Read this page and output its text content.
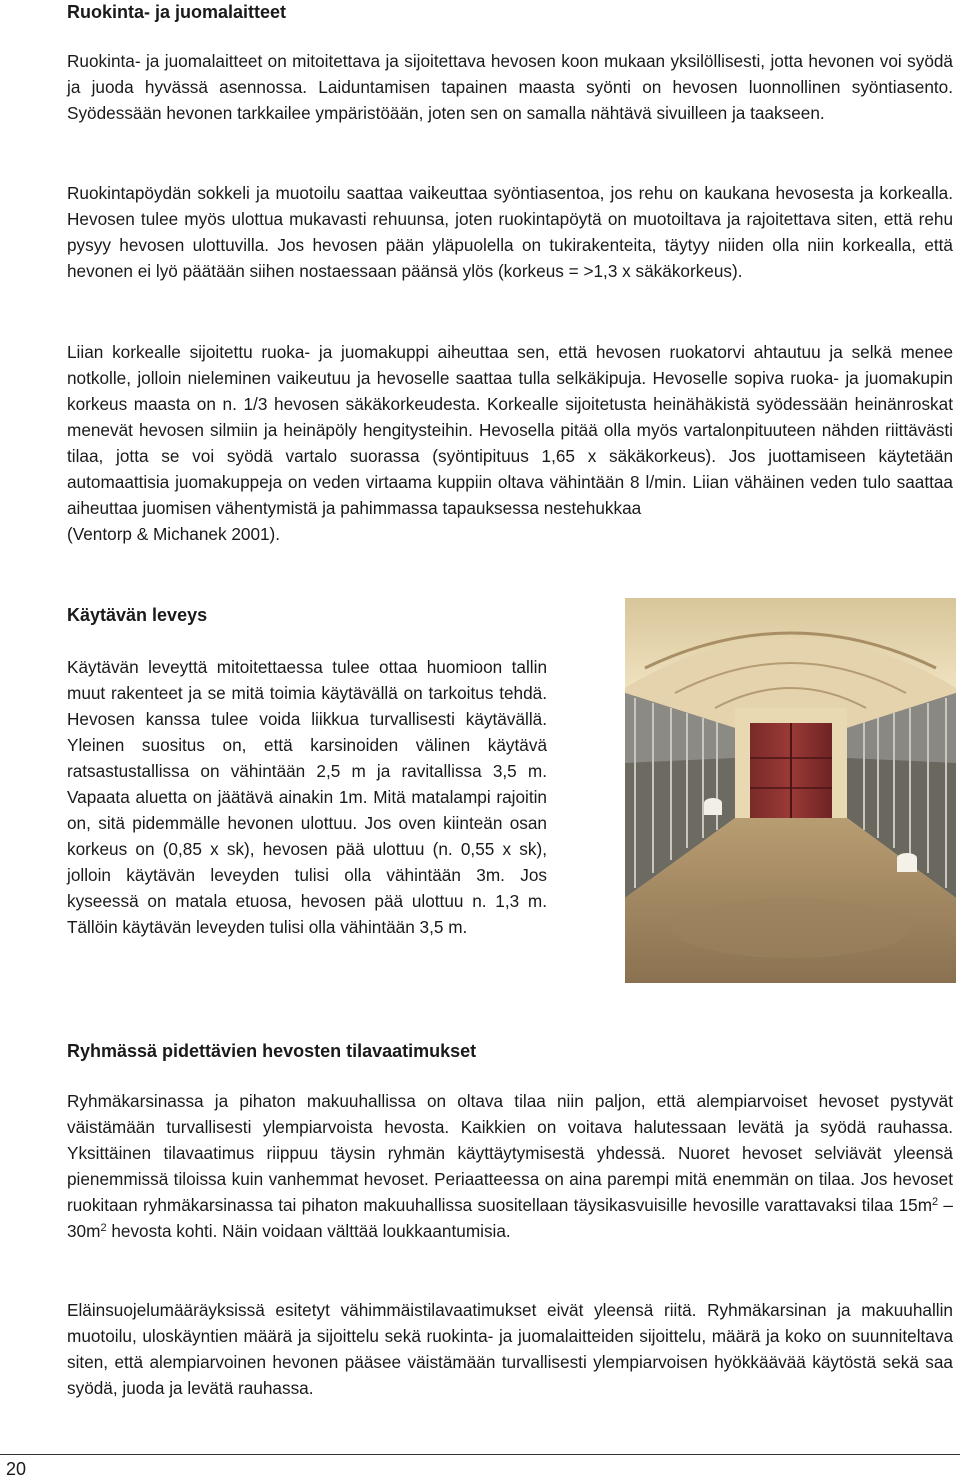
Ruokinta- ja juomalaitteet

Ruokinta- ja juomalaitteet on mitoitettava ja sijoitettava hevosen koon mukaan yksilöllisesti, jotta hevonen voi syödä ja juoda hyvässä asennossa. Laiduntamisen tapainen maasta syönti on hevosen luonnollinen syöntiasento. Syödessään hevonen tarkkailee ympäristöään, joten sen on samalla nähtävä sivuilleen ja taakseen.

Ruokintapöydän sokkeli ja muotoilu saattaa vaikeuttaa syöntiasentoa, jos rehu on kaukana hevosesta ja korkealla. Hevosen tulee myös ulottua mukavasti rehuunsa, joten ruokintapöytä on muotoiltava ja rajoitettava siten, että rehu pysyy hevosen ulottuvilla. Jos hevosen pään yläpuolella on tukirakenteita, täytyy niiden olla niin korkealla, että hevonen ei lyö päätään siihen nostaessaan päänsä ylös (korkeus = >1,3 x säkäkorkeus).

Liian korkealle sijoitettu ruoka- ja juomakuppi aiheuttaa sen, että hevosen ruokatorvi ahtautuu ja selkä menee notkolle, jolloin nieleminen vaikeutuu ja hevoselle saattaa tulla selkäkipuja. Hevoselle sopiva ruoka- ja juomakupin korkeus maasta on n. 1/3 hevosen säkäkorkeudesta. Korkealle sijoitetusta heinähäkistä syödessään heinänroskat menevät hevosen silmiin ja heinäpöly hengitysteihin. Hevosella pitää olla myös vartalonpituuteen nähden riittävästi tilaa, jotta se voi syödä vartalo suorassa (syöntipituus 1,65 x säkäkorkeus). Jos juottamiseen käytetään automaattisia juomakuppeja on veden virtaama kuppiin oltava vähintään 8 l/min. Liian vähäinen veden tulo saattaa aiheuttaa juomisen vähentymistä ja pahimmassa tapauksessa nestehukkaa
(Ventorp & Michanek 2001).
Käytävän leveys

Käytävän leveyttä mitoitettaessa tulee ottaa huomioon tallin muut rakenteet ja se mitä toimia käytävällä on tarkoitus tehdä. Hevosen kanssa tulee voida liikkua turvallisesti käytävällä. Yleinen suositus on, että karsinoiden välinen käytävä ratsastustallissa on vähintään 2,5 m ja ravitallissa 3,5 m. Vapaata aluetta on jäätävä ainakin 1m. Mitä matalampi rajoitin on, sitä pidemmälle hevonen ulottuu. Jos oven kiinteän osan korkeus on (0,85 x sk), hevosen pää ulottuu (n. 0,55 x sk), jolloin käytävän leveyden tulisi olla vähintään 3m. Jos kyseessä on matala etuosa, hevosen pää ulottuu n. 1,3 m. Tällöin käytävän leveyden tulisi olla vähintään 3,5 m.

Ryhmässä pidettävien hevosten tilavaatimukset

Ryhmäkarsinassa ja pihaton makuuhallissa on oltava tilaa niin paljon, että alempiarvoiset hevoset pystyvät väistämään turvallisesti ylempiarvoista hevosta. Kaikkien on voitava halutessaan levätä ja syödä rauhassa. Yksittäinen tilavaatimus riippuu täysin ryhmän käyttäytymisestä yhdessä. Nuoret hevoset selviävät yleensä pienemmissä tiloissa kuin vanhemmat hevoset. Periaatteessa on aina parempi mitä enemmän on tilaa. Jos hevoset ruokitaan ryhmäkarsinassa tai pihaton makuuhallissa suositellaan täysikasvuisille hevosille varattavaksi tilaa $15m^2 - 30m^2$ hevosta kohti. Näin voidaan välttää loukkaantumisia.

Eläinsuojelumääräyksissä esitetyt vähimmäistilavaatimukset eivät yleensä riitä. Ryhmäkarsinan ja makuuhallin muotoilu, uloskäyntien määrä ja sijoittelu sekä ruokinta- ja juomalaitteiden sijoittelu, määrä ja koko on suunniteltava siten, että alempiarvoinen hevonen pääsee väistämään turvallisesti ylempiarvoisen hyökkäävää käytöstä sekä saa syödä, juoda ja levätä rauhassa.

20
